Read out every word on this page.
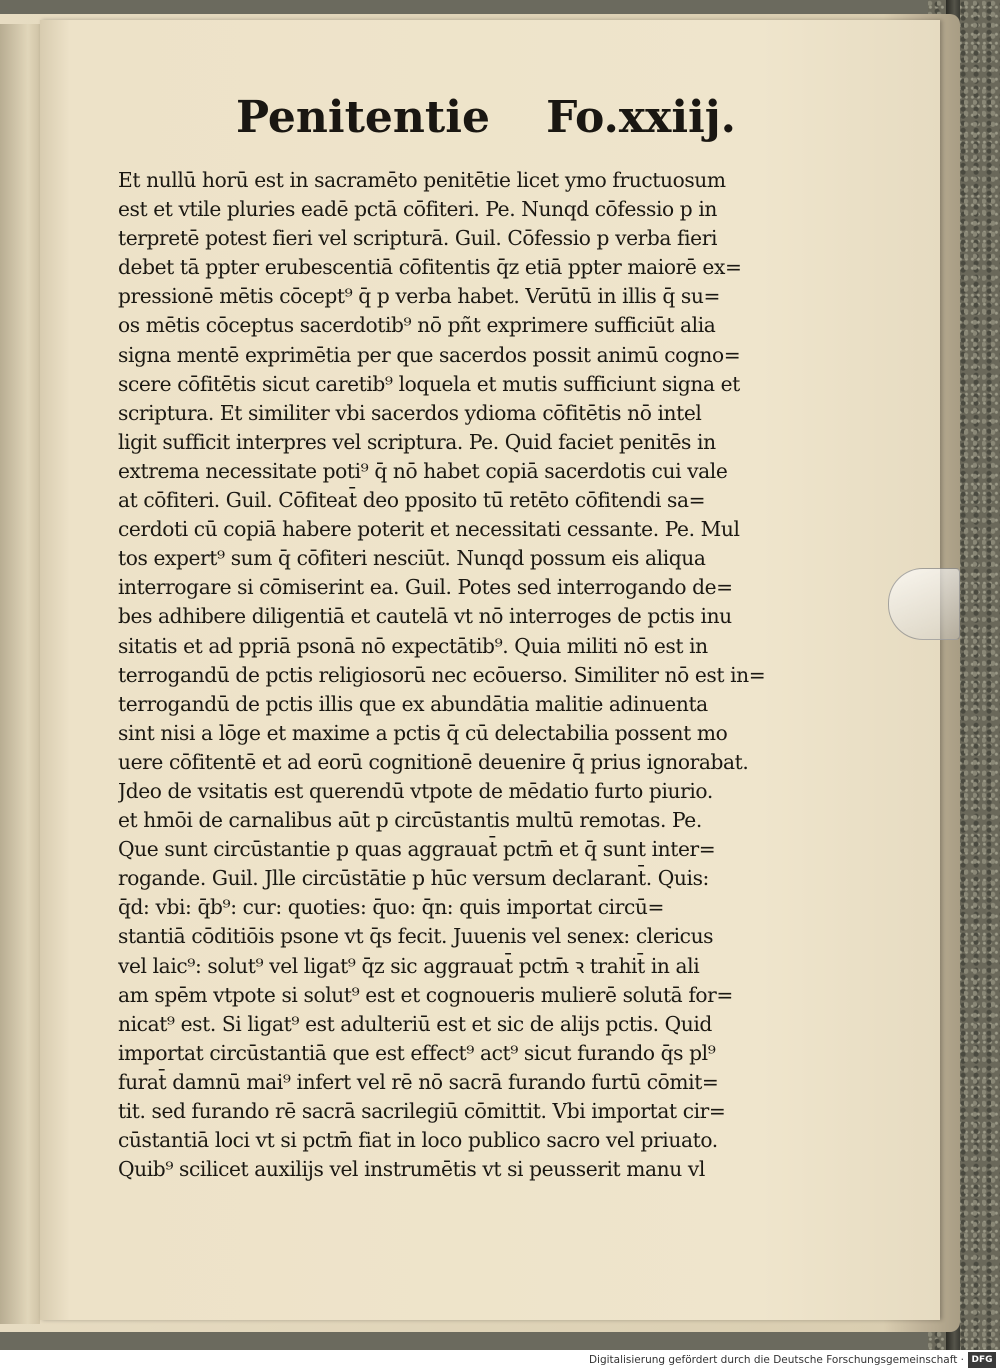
Penitentie Fo.xxiij.
Et nullū horū est in sacramēto penitētie licet ymo fructuosum
est et vtile pluries eadē pctā cōfiteri. Pe. Nunqd cōfessio p in
terpretē potest fieri vel scripturā. Guil. Cōfessio p verba fieri
debet tā ppter erubescentiā cōfitentis q̄z etiā ppter maiorē ex=
pressionē mētis cōcept⁹ q̄ p verba habet. Verūtū in illis q̄ su=
os mētis cōceptus sacerdotib⁹ nō pñt exprimere sufficiūt alia
signa mentē exprimētia per que sacerdos possit animū cogno=
scere cōfitētis sicut caretib⁹ loquela et mutis sufficiunt signa et
scriptura. Et similiter vbi sacerdos ydioma cōfitētis nō intel
ligit sufficit interpres vel scriptura. Pe. Quid faciet penitēs in
extrema necessitate poti⁹ q̄ nō habet copiā sacerdotis cui vale
at cōfiteri. Guil. Cōfiteat̄ deo pposito tū̄ retēto cōfitendi sa=
cerdoti cū copiā habere poterit et necessitati cessante. Pe. Mul
tos expert⁹ sum q̄ cōfiteri nesciūt. Nunqd possum eis aliqua
interrogare si cōmiserint ea. Guil. Potes sed interrogando de=
bes adhibere diligentiā et cautelā vt nō interroges de pctis inu
sitatis et ad ppriā psonā nō expectātib⁹. Quia militi nō est in
terrogandū de pctis religiosorū nec ecōuerso. Similiter nō est in=
terrogandū de pctis illis que ex abundātia malitie adinuenta
sint nisi a lōge et maxime a pctis q̄ cū delectabilia possent mo
uere cōfitentē et ad eorū cognitionē deuenire q̄ prius ignorabat.
Jdeo de vsitatis est querendū vtpote de mēdatio furto piurio.
et hmōi de carnalibus aūt p circūstantis multū remotas. Pe.
Que sunt circūstantie p quas aggrauat̄ pctm̄ et q̄ sunt inter=
rogande. Guil. Jlle circūstātie p hūc versum declarant̄. Quis:
q̄d: vbi: q̄b⁹: cur: quoties: q̄uo: q̄n: quis importat circū=
stantiā cōditiōis psone vt q̄s fecit. Juuenis vel senex: clericus
vel laic⁹: solut⁹ vel ligat⁹ q̄z sic aggrauat̄ pctm̄ ꝛ trahit̄ in ali
am spēm vtpote si solut⁹ est et cognoueris mulierē solutā for=
nicat⁹ est. Si ligat⁹ est adulteriū est et sic de alijs pctis. Quid
importat circūstantiā que est effect⁹ act⁹ sicut furando q̄s pl⁹
furat̄ damnū mai⁹ infert vel rē nō sacrā furando furtū cōmit=
tit. sed furando rē sacrā sacrilegiū cōmittit. Vbi importat cir=
cūstantiā loci vt si pctm̄ fiat in loco publico sacro vel priuato.
Quib⁹ scilicet auxilijs vel instrumētis vt si peusserit manu vl
Digitalisierung gefördert durch die Deutsche Forschungsgemeinschaft · DFG
